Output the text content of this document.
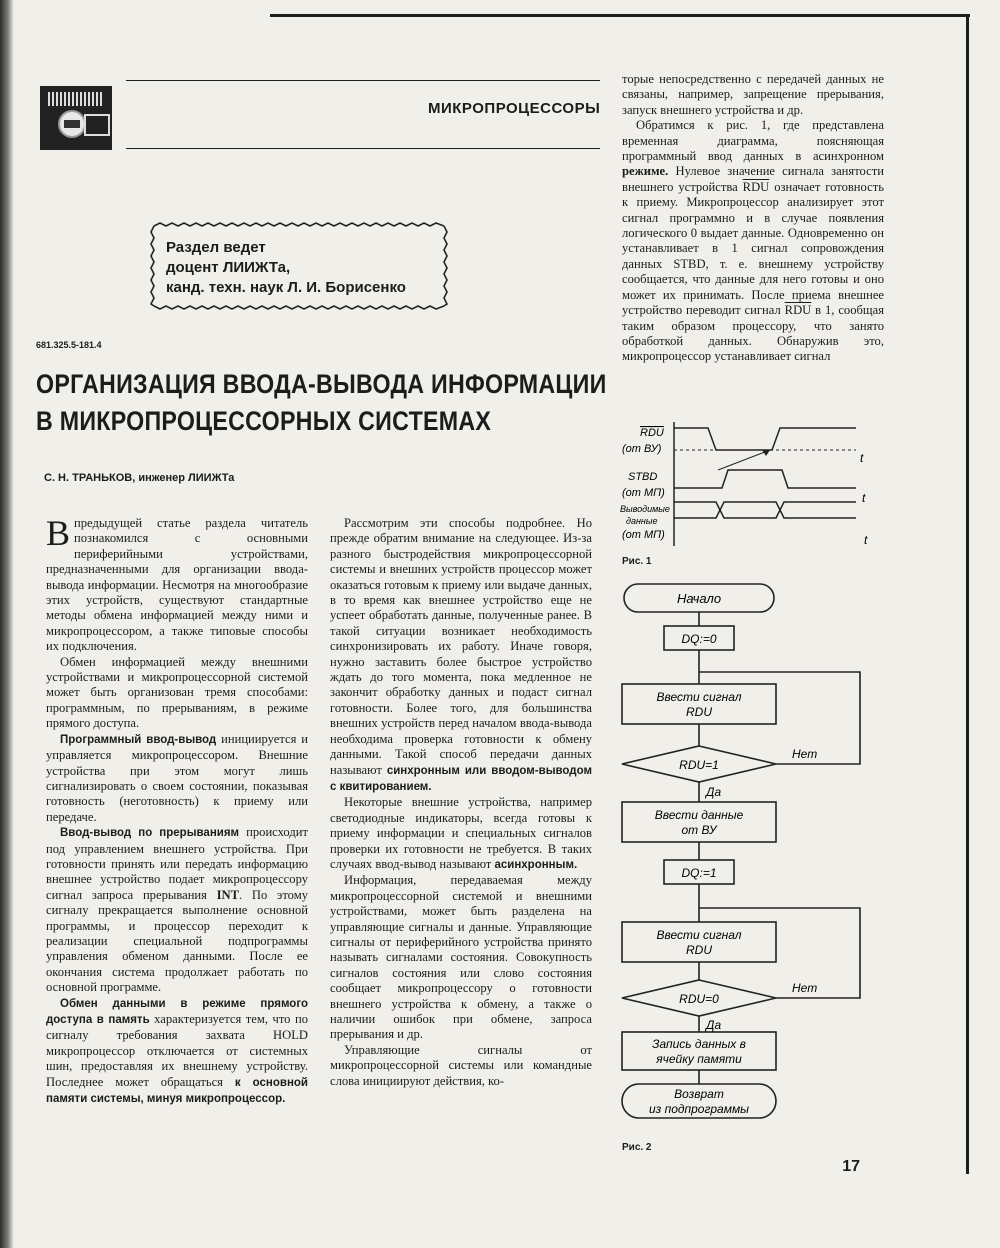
МИКРОПРОЦЕССОРЫ
Раздел ведет
доцент ЛИИЖТа,
канд. техн. наук Л. И. Борисенко
681.325.5-181.4
ОРГАНИЗАЦИЯ ВВОДА-ВЫВОДА ИНФОРМАЦИИ
В МИКРОПРОЦЕССОРНЫХ СИСТЕМАХ
С. Н. ТРАНЬКОВ, инженер ЛИИЖТа

Впредыдущей статье раздела читатель познакомился с основными периферийными устройствами, предназначенными для организации ввода-вывода информации. Несмотря на многообразие этих устройств, существуют стандартные методы обмена информацией между ними и микропроцессором, а также типовые способы их подключения.

Обмен информацией между внешними устройствами и микропроцессорной системой может быть организован тремя способами: программным, по прерываниям, в режиме прямого доступа.

Программный ввод-вывод инициируется и управляется микропроцессором. Внешние устройства при этом могут лишь сигнализировать о своем состоянии, показывая готовность (неготовность) к приему или передаче.

Ввод-вывод по прерываниям происходит под управлением внешнего устройства. При готовности принять или передать информацию внешнее устройство подает микропроцессору сигнал запроса прерывания INT. По этому сигналу прекращается выполнение основной программы, и процессор переходит к реализации специальной подпрограммы управления обменом данными. После ее окончания система продолжает работать по основной программе.

Обмен данными в режиме прямого доступа в память характеризуется тем, что по сигналу требования захвата HOLD микропроцессор отключается от системных шин, предоставляя их внешнему устройству. Последнее может обращаться к основной памяти системы, минуя микропроцессор.

Рассмотрим эти способы подробнее. Но прежде обратим внимание на следующее. Из-за разного быстродействия микропроцессорной системы и внешних устройств процессор может оказаться готовым к приему или выдаче данных, в то время как внешнее устройство еще не успеет обработать данные, полученные ранее. В такой ситуации возникает необходимость синхронизировать их работу. Иначе говоря, нужно заставить более быстрое устройство ждать до того момента, пока медленное не закончит обработку данных и подаст сигнал готовности. Более того, для большинства внешних устройств перед началом ввода-вывода необходима проверка готовности к обмену данными. Такой способ передачи данных называют синхронным или вводом-выводом с квитированием.

Некоторые внешние устройства, например светодиодные индикаторы, всегда готовы к приему информации и специальных сигналов проверки их готовности не требуется. В таких случаях ввод-вывод называют асинхронным.

Информация, передаваемая между микропроцессорной системой и внешними устройствами, может быть разделена на управляющие сигналы и данные. Управляющие сигналы от периферийного устройства принято называть сигналами состояния. Совокупность сигналов состояния или слово состояния сообщает микропроцессору о готовности внешнего устройства к обмену, а также о наличии ошибок при обмене, запроса прерывания и др.

Управляющие сигналы от микропроцессорной системы или командные слова инициируют действия, ко-

торые непосредственно с передачей данных не связаны, например, запрещение прерывания, запуск внешнего устройства и др.

Обратимся к рис. 1, где представлена временная диаграмма, поясняющая программный ввод данных в асинхронном режиме. Нулевое значение сигнала занятости внешнего устройства $\overline{RDU}$ означает готовность к приему. Микропроцессор анализирует этот сигнал программно и в случае появления логического 0 выдает данные. Одновременно он устанавливает в 1 сигнал сопровождения данных STBD, т. е. внешнему устройству сообщается, что данные для него готовы и оно может их принимать. После приема внешнее устройство переводит сигнал $\overline{RDU}$ в 1, сообщая таким образом процессору, что занято обработкой данных. Обнаружив это, микропроцессор устанавливает сигнал

RDU
(от ВУ)
STBD
(от МП)
Выводимые
данные
(от МП)
t
t
t
Рис. 1
Начало
DQ:=0
Ввести сигнал
RDU
RDU=1
Нет
Да
Ввести данные
от ВУ
DQ:=1
Ввести сигнал
RDU
RDU=0
Нет
Да
Запись данных в
ячейку памяти
Возврат
из подпрограммы
Рис. 2
17
